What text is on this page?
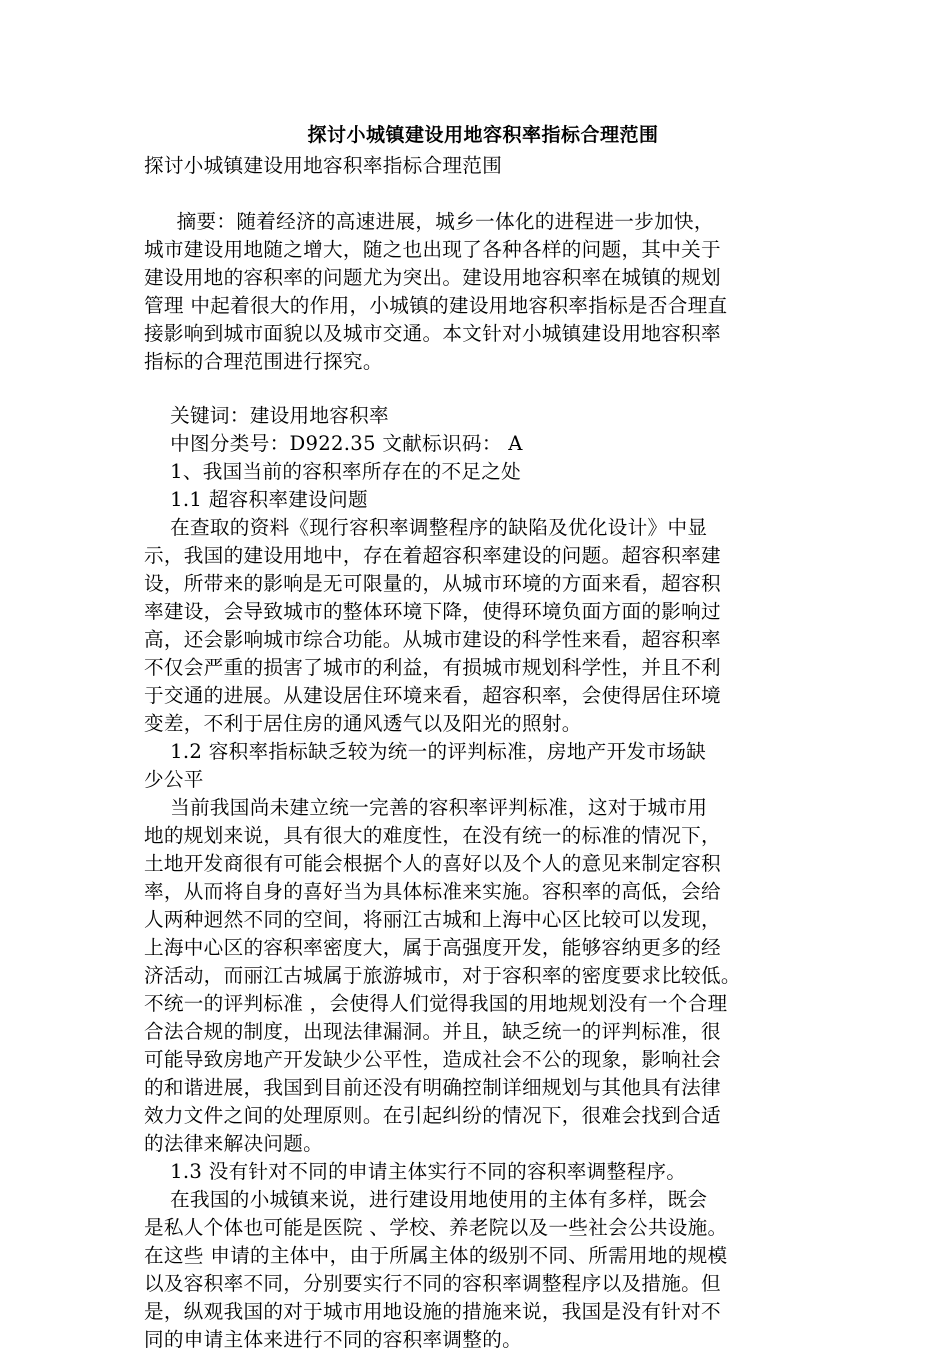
探讨小城镇建设用地容积率指标合理范围
探讨小城镇建设用地容积率指标合理范围
摘要：随着经济的高速进展，城乡一体化的进程进一步加快，
城市建设用地随之增大，随之也出现了各种各样的问题，其中关于
建设用地的容积率的问题尤为突出。建设用地容积率在城镇的规划
管理 中起着很大的作用，小城镇的建设用地容积率指标是否合理直
接影响到城市面貌以及城市交通。本文针对小城镇建设用地容积率
指标的合理范围进行探究。
关键词：建设用地容积率
中图分类号：D922.35 文献标识码： A
1、我国当前的容积率所存在的不足之处
1.1 超容积率建设问题
在查取的资料《现行容积率调整程序的缺陷及优化设计》中显
示，我国的建设用地中，存在着超容积率建设的问题。超容积率建
设，所带来的影响是无可限量的，从城市环境的方面来看，超容积
率建设，会导致城市的整体环境下降，使得环境负面方面的影响过
高，还会影响城市综合功能。从城市建设的科学性来看，超容积率
不仅会严重的损害了城市的利益，有损城市规划科学性，并且不利
于交通的进展。从建设居住环境来看，超容积率，会使得居住环境
变差，不利于居住房的通风透气以及阳光的照射。
1.2 容积率指标缺乏较为统一的评判标准，房地产开发市场缺
少公平
当前我国尚未建立统一完善的容积率评判标准，这对于城市用
地的规划来说，具有很大的难度性，在没有统一的标准的情况下，
土地开发商很有可能会根据个人的喜好以及个人的意见来制定容积
率，从而将自身的喜好当为具体标准来实施。容积率的高低，会给
人两种迥然不同的空间，将丽江古城和上海中心区比较可以发现，
上海中心区的容积率密度大，属于高强度开发，能够容纳更多的经
济活动，而丽江古城属于旅游城市，对于容积率的密度要求比较低。
不统一的评判标准 ，会使得人们觉得我国的用地规划没有一个合理
合法合规的制度，出现法律漏洞。并且，缺乏统一的评判标准，很
可能导致房地产开发缺少公平性，造成社会不公的现象，影响社会
的和谐进展，我国到目前还没有明确控制详细规划与其他具有法律
效力文件之间的处理原则。在引起纠纷的情况下，很难会找到合适
的法律来解决问题。
1.3 没有针对不同的申请主体实行不同的容积率调整程序。
在我国的小城镇来说，进行建设用地使用的主体有多样，既会
是私人个体也可能是医院 、学校、养老院以及一些社会公共设施。
在这些 申请的主体中，由于所属主体的级别不同、所需用地的规模
以及容积率不同，分别要实行不同的容积率调整程序以及措施。但
是，纵观我国的对于城市用地设施的措施来说，我国是没有针对不
同的申请主体来进行不同的容积率调整的。
